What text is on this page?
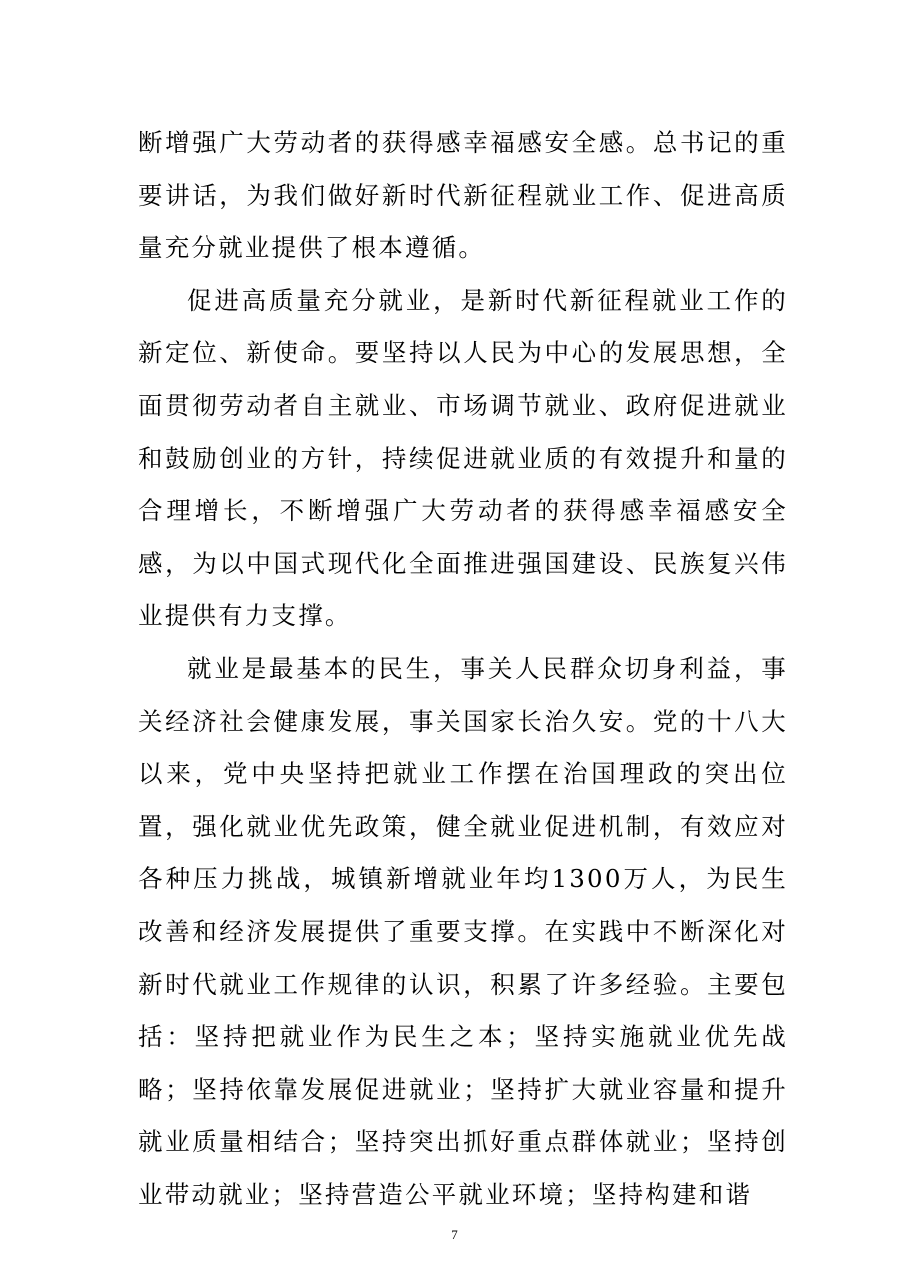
断增强广大劳动者的获得感幸福感安全感。总书记的重要讲话，为我们做好新时代新征程就业工作、促进高质量充分就业提供了根本遵循。

促进高质量充分就业，是新时代新征程就业工作的新定位、新使命。要坚持以人民为中心的发展思想，全面贯彻劳动者自主就业、市场调节就业、政府促进就业和鼓励创业的方针，持续促进就业质的有效提升和量的合理增长，不断增强广大劳动者的获得感幸福感安全感，为以中国式现代化全面推进强国建设、民族复兴伟业提供有力支撑。

就业是最基本的民生，事关人民群众切身利益，事关经济社会健康发展，事关国家长治久安。党的十八大以来，党中央坚持把就业工作摆在治国理政的突出位置，强化就业优先政策，健全就业促进机制，有效应对各种压力挑战，城镇新增就业年均1300万人，为民生改善和经济发展提供了重要支撑。在实践中不断深化对新时代就业工作规律的认识，积累了许多经验。主要包括：坚持把就业作为民生之本；坚持实施就业优先战略；坚持依靠发展促进就业；坚持扩大就业容量和提升就业质量相结合；坚持突出抓好重点群体就业；坚持创业带动就业；坚持营造公平就业环境；坚持构建和谐

7
